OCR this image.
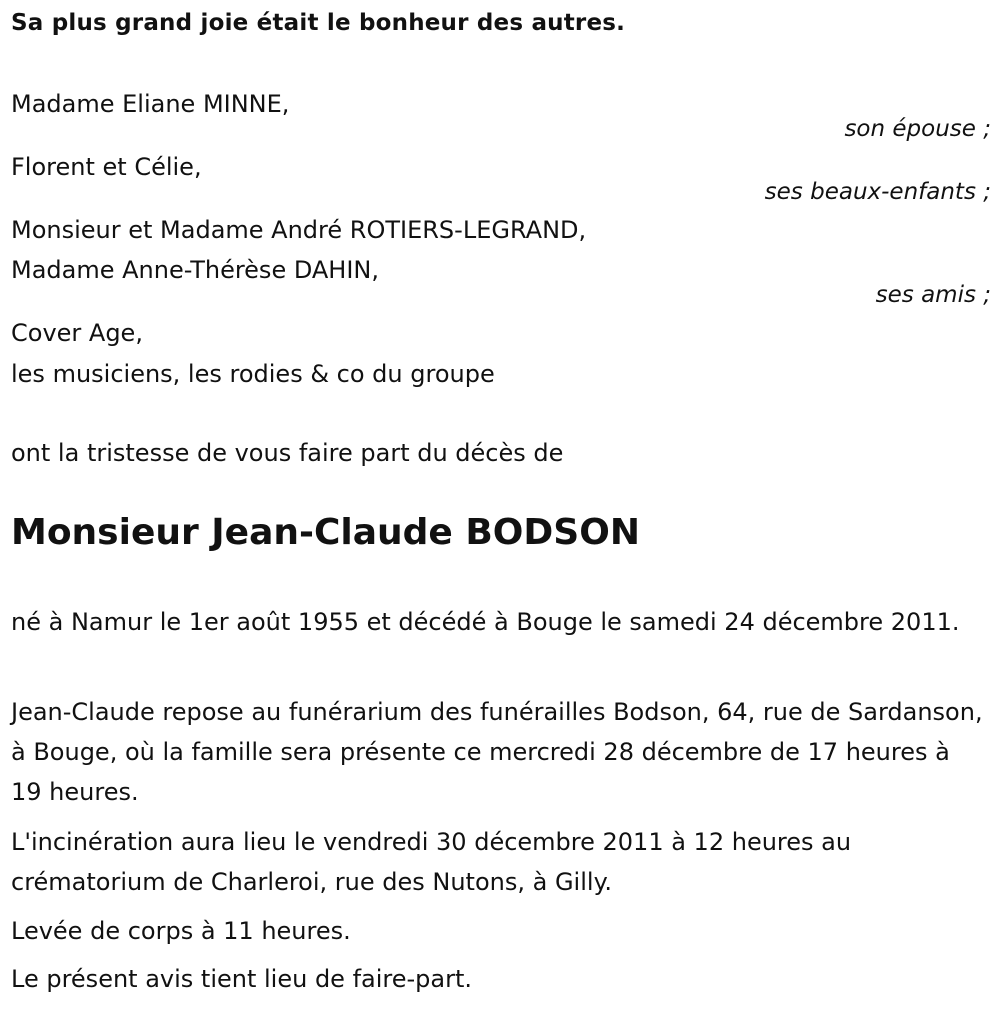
Sa plus grand joie était le bonheur des autres.
Madame Eliane MINNE,
son épouse ;
Florent et Célie,
ses beaux-enfants ;
Monsieur et Madame André ROTIERS-LEGRAND,
Madame Anne-Thérèse DAHIN,
ses amis ;
Cover Age,
les musiciens, les rodies & co du groupe
ont la tristesse de vous faire part du décès de
Monsieur Jean-Claude BODSON
né à Namur le 1er août 1955 et décédé à Bouge le samedi 24 décembre 2011.
Jean-Claude repose au funérarium des funérailles Bodson, 64, rue de Sardanson, à Bouge, où la famille sera présente ce mercredi 28 décembre de 17 heures à 19 heures.
L'incinération aura lieu le vendredi 30 décembre 2011 à 12 heures au crématorium de Charleroi, rue des Nutons, à Gilly.
Levée de corps à 11 heures.
Le présent avis tient lieu de faire-part.
